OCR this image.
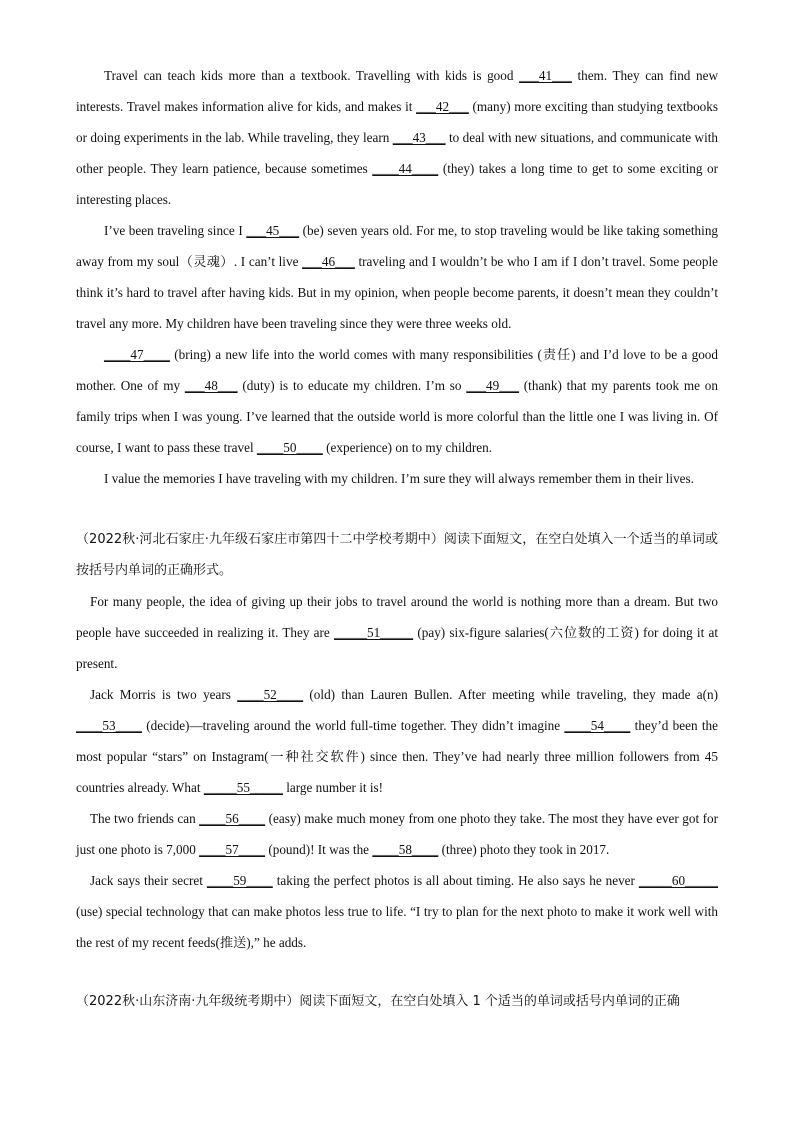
Travel can teach kids more than a textbook. Travelling with kids is good ___41___ them. They can find new interests. Travel makes information alive for kids, and makes it ___42___ (many) more exciting than studying textbooks or doing experiments in the lab. While traveling, they learn ___43___ to deal with new situations, and communicate with other people. They learn patience, because sometimes ____44____ (they) takes a long time to get to some exciting or interesting places.

I’ve been traveling since I ___45___ (be) seven years old. For me, to stop traveling would be like taking something away from my soul（灵魂）. I can’t live ___46___ traveling and I wouldn’t be who I am if I don’t travel. Some people think it’s hard to travel after having kids. But in my opinion, when people become parents, it doesn’t mean they couldn’t travel any more. My children have been traveling since they were three weeks old.

____47____ (bring) a new life into the world comes with many responsibilities (责任) and I’d love to be a good mother. One of my ___48___ (duty) is to educate my children. I’m so ___49___ (thank) that my parents took me on family trips when I was young. I’ve learned that the outside world is more colorful than the little one I was living in. Of course, I want to pass these travel ____50____ (experience) on to my children.

I value the memories I have traveling with my children. I’m sure they will always remember them in their lives.

（2022秋·河北石家庄·九年级石家庄市第四十二中学校考期中）阅读下面短文，在空白处填入一个适当的单词或按括号内单词的正确形式。

For many people, the idea of giving up their jobs to travel around the world is nothing more than a dream. But two people have succeeded in realizing it. They are _____51_____ (pay) six-figure salaries(六位数的工资) for doing it at present.

Jack Morris is two years ____52____ (old) than Lauren Bullen. After meeting while traveling, they made a(n) ____53____ (decide)—traveling around the world full-time together. They didn’t imagine ____54____ they’d been the most popular “stars” on Instagram(一种社交软件) since then. They’ve had nearly three million followers from 45 countries already. What _____55_____ large number it is!

The two friends can ____56____ (easy) make much money from one photo they take. The most they have ever got for just one photo is 7,000 ____57____ (pound)! It was the ____58____ (three) photo they took in 2017.

Jack says their secret ____59____ taking the perfect photos is all about timing. He also says he never _____60_____ (use) special technology that can make photos less true to life. “I try to plan for the next photo to make it work well with the rest of my recent feeds(推送),” he adds.

（2022秋·山东济南·九年级统考期中）阅读下面短文，在空白处填入 1 个适当的单词或括号内单词的正确
